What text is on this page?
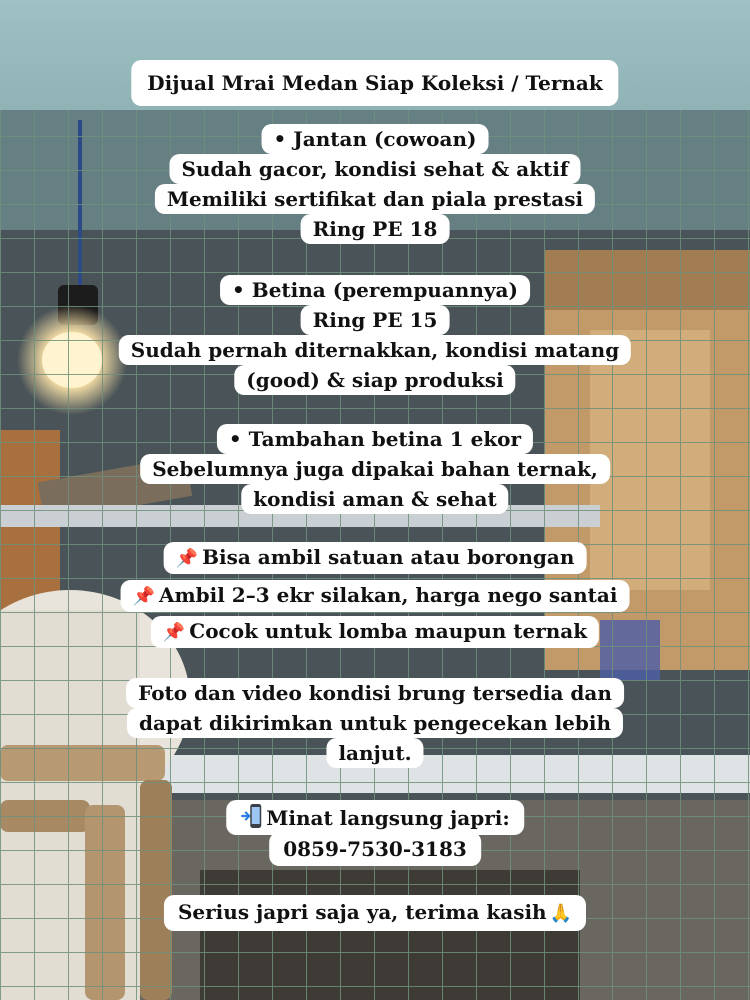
Dijual Mrai Medan Siap Koleksi / Ternak
• Jantan (cowoan)
Sudah gacor, kondisi sehat & aktif
Memiliki sertifikat dan piala prestasi
Ring PE 18
• Betina (perempuannya)
Ring PE 15
Sudah pernah diternakkan, kondisi matang
(good) & siap produksi
• Tambahan betina 1 ekor
Sebelumnya juga dipakai bahan ternak,
kondisi aman & sehat
📌 Bisa ambil satuan atau borongan
📌 Ambil 2–3 ekr silakan, harga nego santai
📌 Cocok untuk lomba maupun ternak
Foto dan video kondisi brung tersedia dan
dapat dikirimkan untuk pengecekan lebih
lanjut.
Minat langsung japri:
0859-7530-3183
Serius japri saja ya, terima kasih 🙏
